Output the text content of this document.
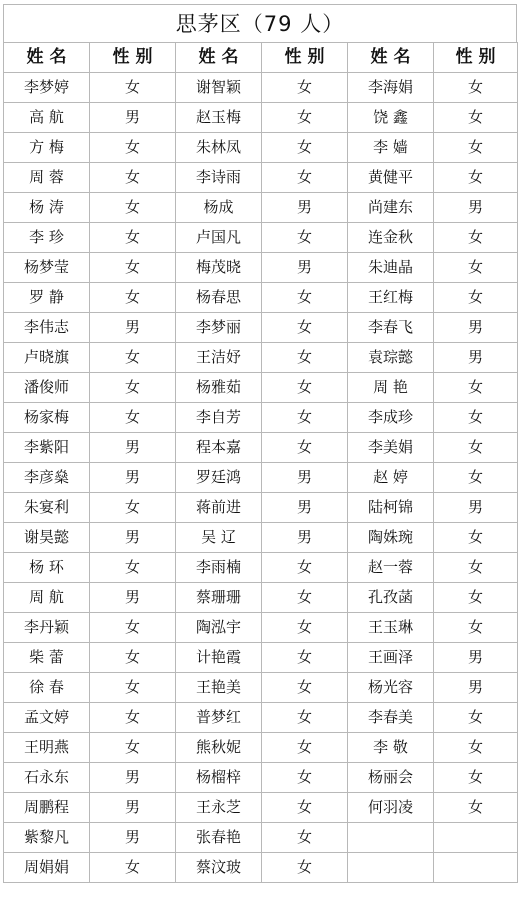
思茅区（79 人）
姓 名	性 别	姓 名	性 别	姓 名	性 别
李梦婷	女	谢智颖	女	李海娟	女
高 航	男	赵玉梅	女	饶 鑫	女
方 梅	女	朱林凤	女	李 嫱	女
周 蓉	女	李诗雨	女	黄健平	女
杨 涛	女	杨成	男	尚建东	男
李 珍	女	卢国凡	女	连金秋	女
杨梦莹	女	梅茂晓	男	朱迪晶	女
罗 静	女	杨春思	女	王红梅	女
李伟志	男	李梦丽	女	李春飞	男
卢晓旗	女	王洁妤	女	袁琮懿	男
潘俊师	女	杨雅茹	女	周 艳	女
杨家梅	女	李自芳	女	李成珍	女
李紫阳	男	程本嘉	女	李美娟	女
李彦燊	男	罗廷鸿	男	赵 婷	女
朱宴利	女	蒋前进	男	陆柯锦	男
谢昊懿	男	吴 辽	男	陶姝琬	女
杨 环	女	李雨楠	女	赵一蓉	女
周 航	男	蔡珊珊	女	孔孜菡	女
李丹颖	女	陶泓宇	女	王玉琳	女
柴 蕾	女	计艳霞	女	王画泽	男
徐 春	女	王艳美	女	杨光容	男
孟文婷	女	普梦红	女	李春美	女
王明燕	女	熊秋妮	女	李 敬	女
石永东	男	杨榴梓	女	杨丽会	女
周鹏程	男	王永芝	女	何羽凌	女
紫黎凡	男	张春艳	女		
周娟娟	女	蔡汶玻	女		
